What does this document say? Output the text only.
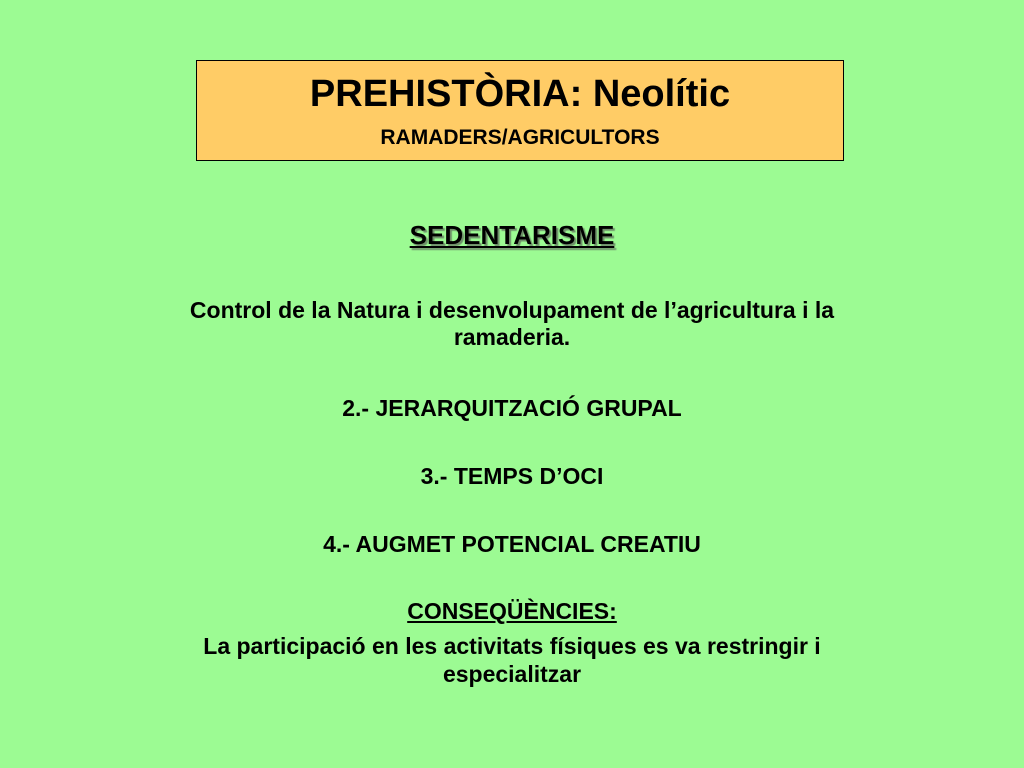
PREHISTÒRIA: Neolític
RAMADERS/AGRICULTORS
SEDENTARISME
Control de la Natura i desenvolupament de l’agricultura i la
ramaderia.
2.- JERARQUITZACIÓ GRUPAL
3.- TEMPS D’OCI
4.- AUGMET POTENCIAL CREATIU
CONSEQÜÈNCIES:
La participació en les activitats físiques es va restringir i
especialitzar
